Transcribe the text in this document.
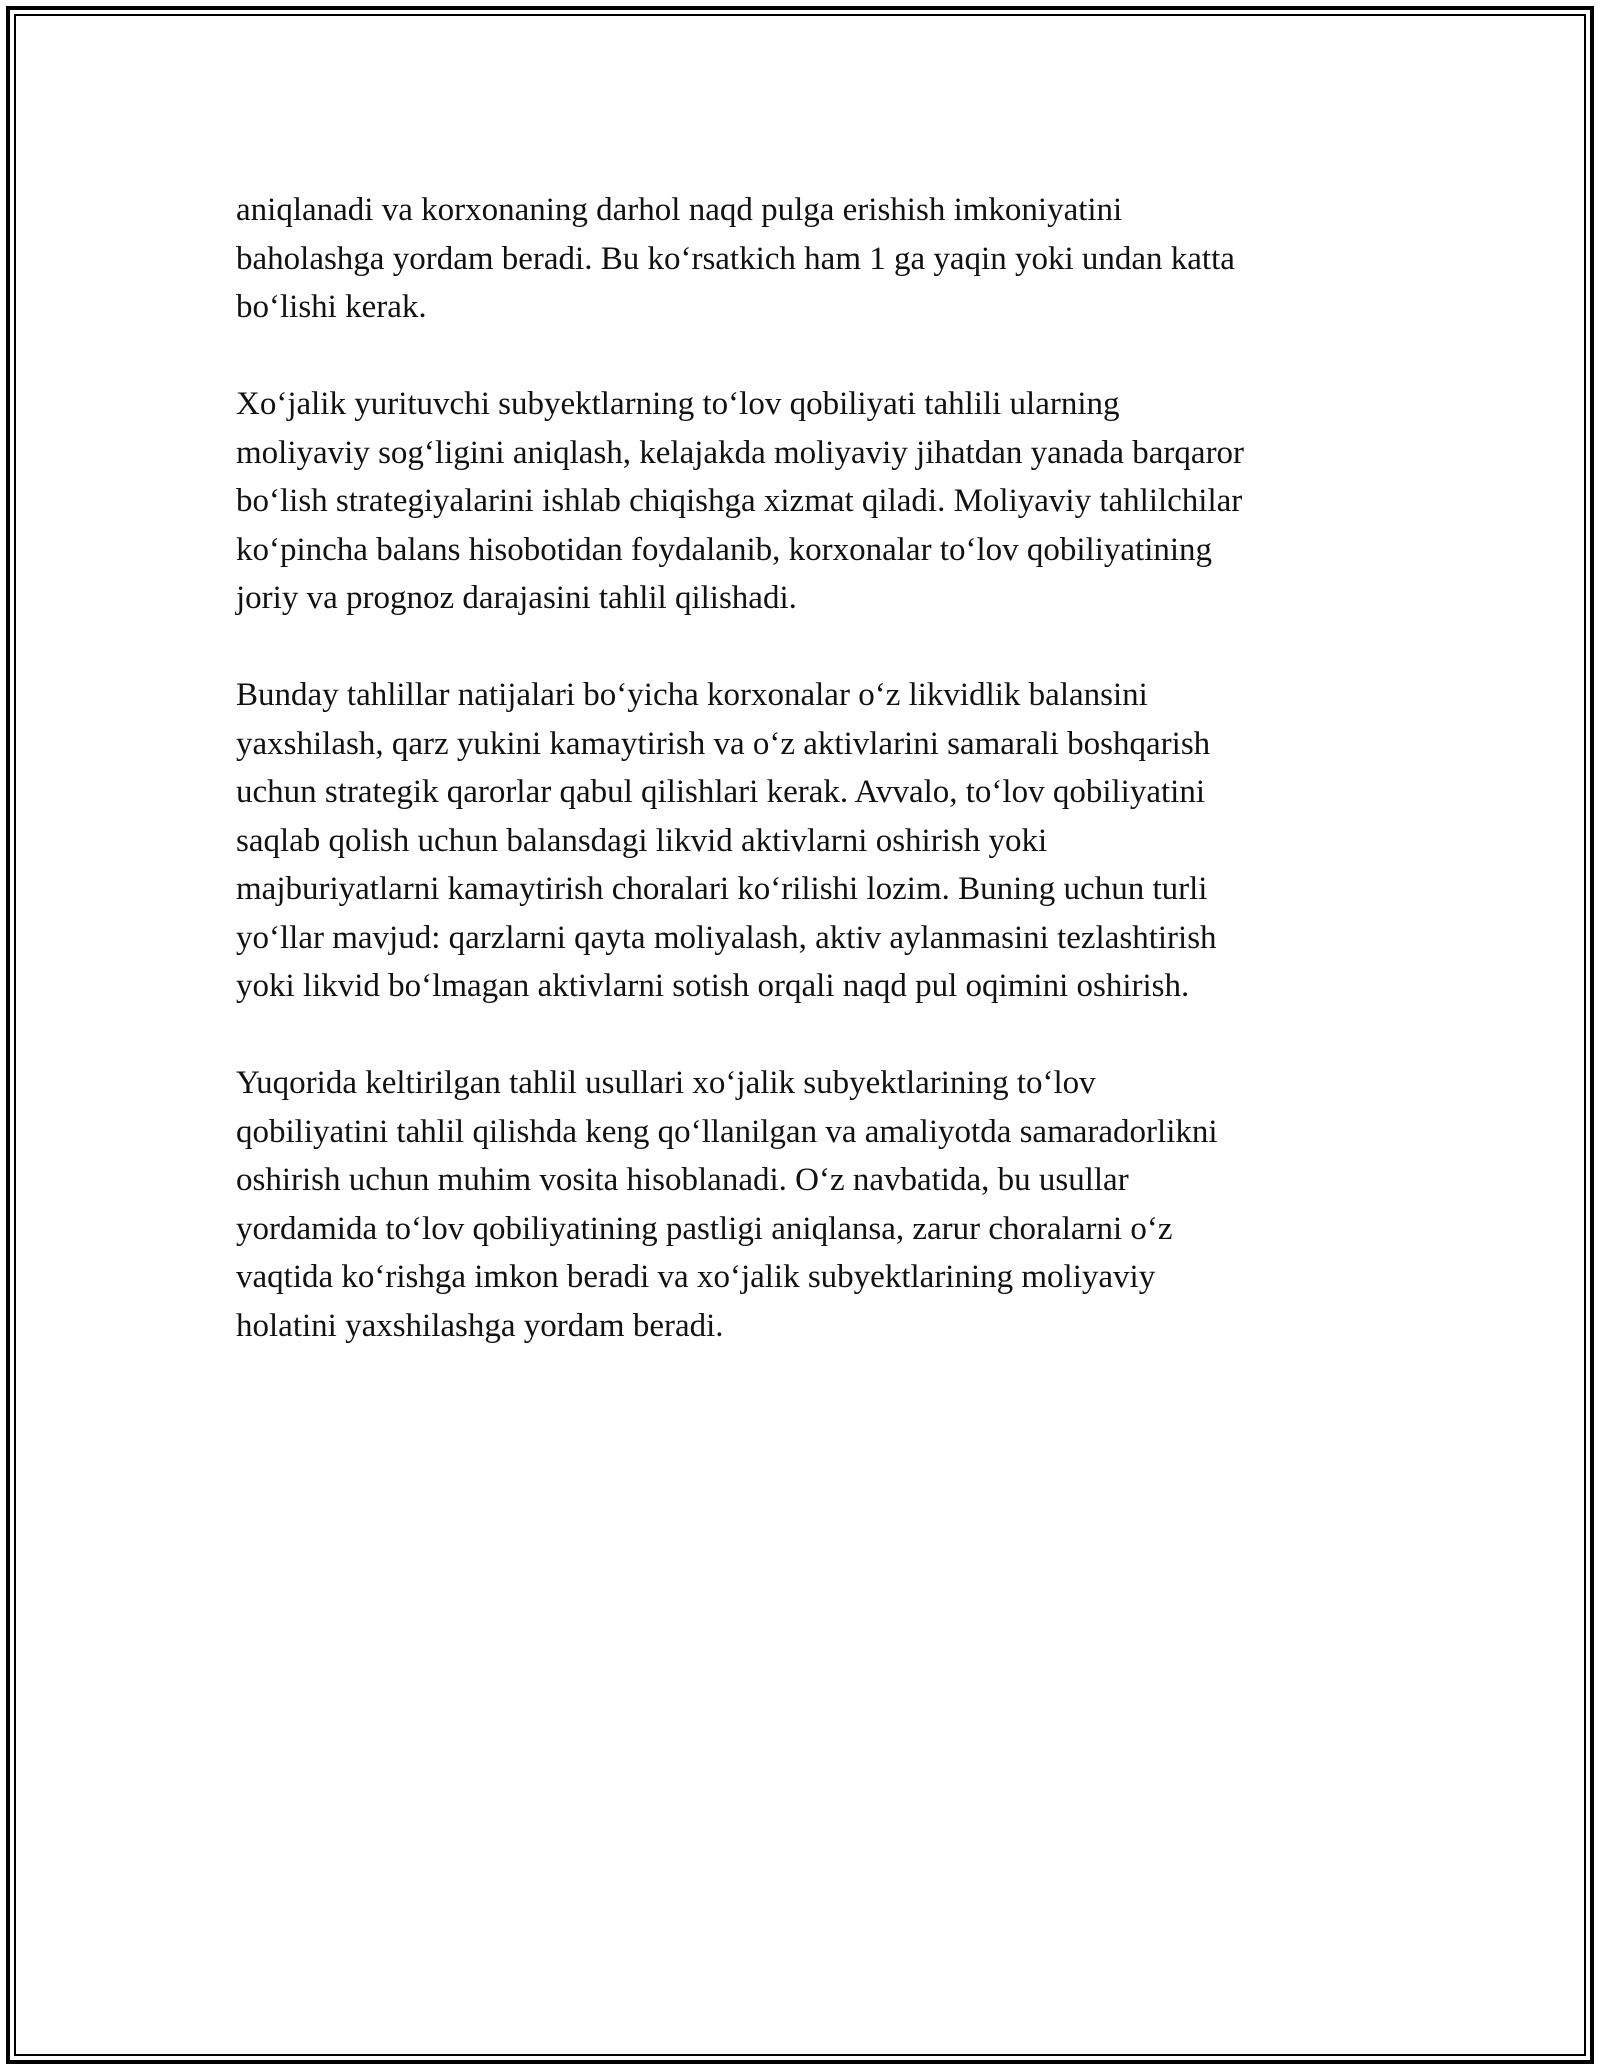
aniqlanadi va korxonaning darhol naqd pulga erishish imkoniyatini
baholashga yordam beradi. Bu ko‘rsatkich ham 1 ga yaqin yoki undan katta
bo‘lishi kerak.

Xo‘jalik yurituvchi subyektlarning to‘lov qobiliyati tahlili ularning
moliyaviy sog‘ligini aniqlash, kelajakda moliyaviy jihatdan yanada barqaror
bo‘lish strategiyalarini ishlab chiqishga xizmat qiladi. Moliyaviy tahlilchilar
ko‘pincha balans hisobotidan foydalanib, korxonalar to‘lov qobiliyatining
joriy va prognoz darajasini tahlil qilishadi.

Bunday tahlillar natijalari bo‘yicha korxonalar o‘z likvidlik balansini
yaxshilash, qarz yukini kamaytirish va o‘z aktivlarini samarali boshqarish
uchun strategik qarorlar qabul qilishlari kerak. Avvalo, to‘lov qobiliyatini
saqlab qolish uchun balansdagi likvid aktivlarni oshirish yoki
majburiyatlarni kamaytirish choralari ko‘rilishi lozim. Buning uchun turli
yo‘llar mavjud: qarzlarni qayta moliyalash, aktiv aylanmasini tezlashtirish
yoki likvid bo‘lmagan aktivlarni sotish orqali naqd pul oqimini oshirish.

Yuqorida keltirilgan tahlil usullari xo‘jalik subyektlarining to‘lov
qobiliyatini tahlil qilishda keng qo‘llanilgan va amaliyotda samaradorlikni
oshirish uchun muhim vosita hisoblanadi. O‘z navbatida, bu usullar
yordamida to‘lov qobiliyatining pastligi aniqlansa, zarur choralarni o‘z
vaqtida ko‘rishga imkon beradi va xo‘jalik subyektlarining moliyaviy
holatini yaxshilashga yordam beradi.
